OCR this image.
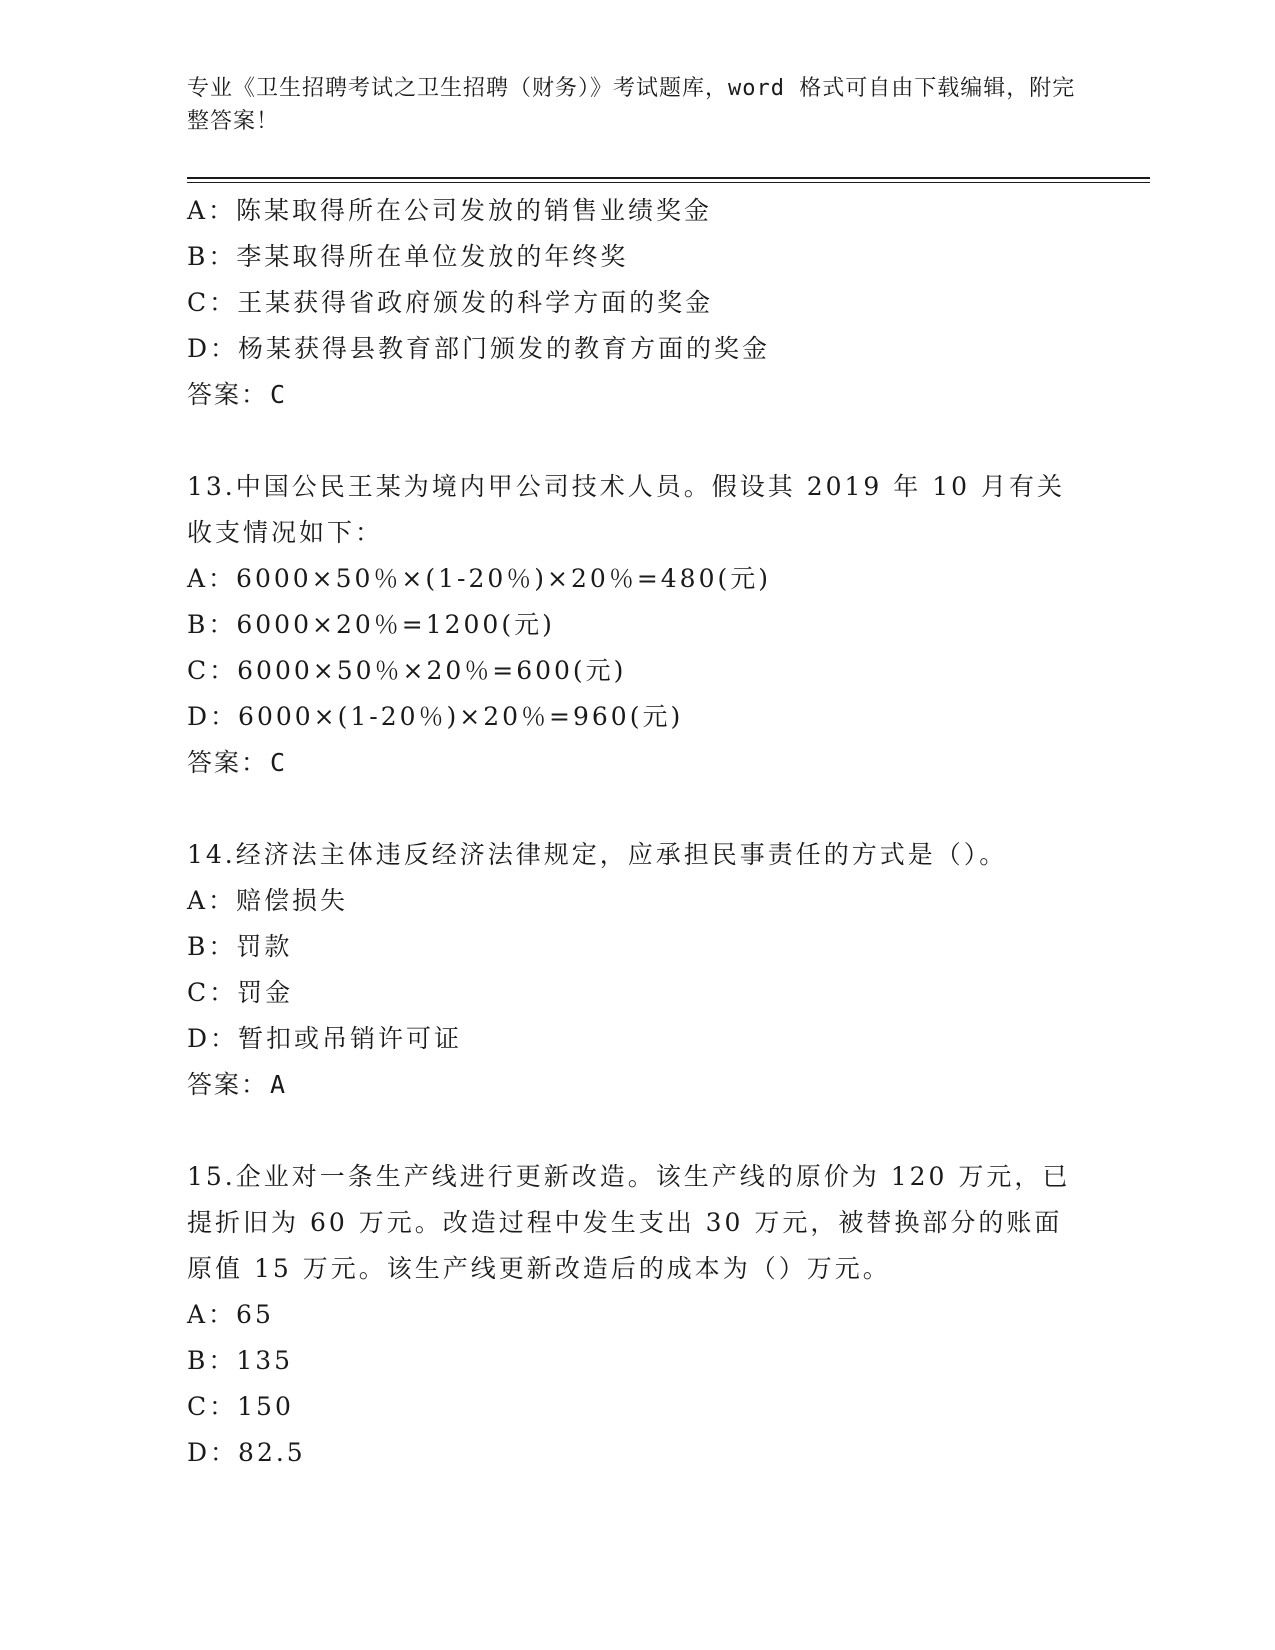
专业《卫生招聘考试之卫生招聘（财务）》考试题库，word 格式可自由下载编辑，附完整答案！
A：陈某取得所在公司发放的销售业绩奖金
B：李某取得所在单位发放的年终奖
C：王某获得省政府颁发的科学方面的奖金
D：杨某获得县教育部门颁发的教育方面的奖金
答案：C
13.中国公民王某为境内甲公司技术人员。假设其 2019 年 10 月有关收支情况如下：
A：6000×50％×(1-20％)×20％=480(元)
B：6000×20％=1200(元)
C：6000×50％×20％=600(元)
D：6000×(1-20％)×20％=960(元)
答案：C
14.经济法主体违反经济法律规定，应承担民事责任的方式是（）。
A：赔偿损失
B：罚款
C：罚金
D：暂扣或吊销许可证
答案：A
15.企业对一条生产线进行更新改造。该生产线的原价为 120 万元，已提折旧为 60 万元。改造过程中发生支出 30 万元，被替换部分的账面原值 15 万元。该生产线更新改造后的成本为（）万元。
A：65
B：135
C：150
D：82.5
